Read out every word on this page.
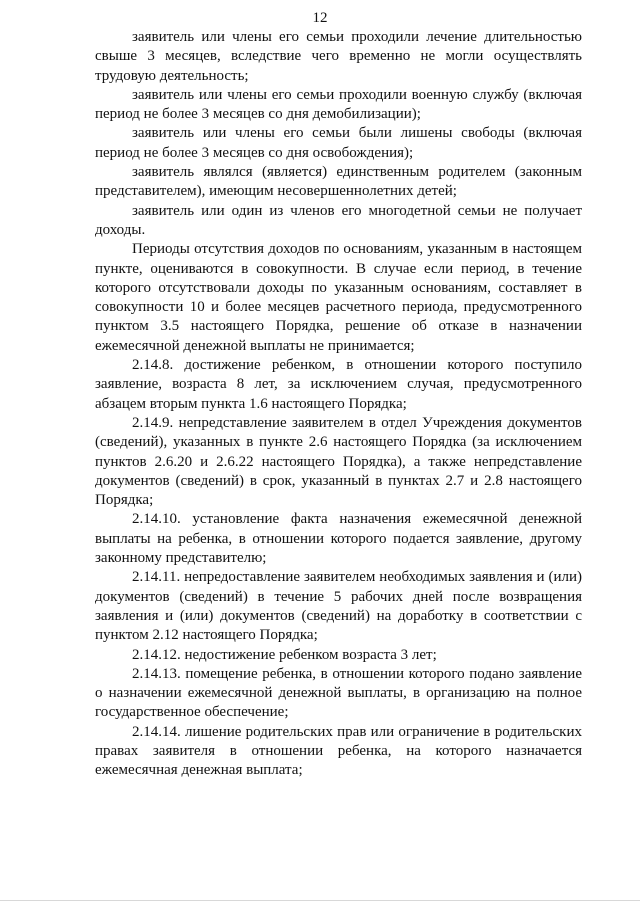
12

заявитель или члены его семьи проходили лечение длительностью свыше 3 месяцев, вследствие чего временно не могли осуществлять трудовую деятельность;

заявитель или члены его семьи проходили военную службу (включая период не более 3 месяцев со дня демобилизации);

заявитель или члены его семьи были лишены свободы (включая период не более 3 месяцев со дня освобождения);

заявитель являлся (является) единственным родителем (законным представителем), имеющим несовершеннолетних детей;

заявитель или один из членов его многодетной семьи не получает доходы.

Периоды отсутствия доходов по основаниям, указанным в настоящем пункте, оцениваются в совокупности. В случае если период, в течение которого отсутствовали доходы по указанным основаниям, составляет в совокупности 10 и более месяцев расчетного периода, предусмотренного пунктом 3.5 настоящего Порядка, решение об отказе в назначении ежемесячной денежной выплаты не принимается;

2.14.8. достижение ребенком, в отношении которого поступило заявление, возраста 8 лет, за исключением случая, предусмотренного абзацем вторым пункта 1.6 настоящего Порядка;

2.14.9. непредставление заявителем в отдел Учреждения документов (сведений), указанных в пункте 2.6 настоящего Порядка (за исключением пунктов 2.6.20 и 2.6.22 настоящего Порядка), а также непредставление документов (сведений) в срок, указанный в пунктах 2.7 и 2.8 настоящего Порядка;

2.14.10. установление факта назначения ежемесячной денежной выплаты на ребенка, в отношении которого подается заявление, другому законному представителю;

2.14.11. непредоставление заявителем необходимых заявления и (или) документов (сведений) в течение 5 рабочих дней после возвращения заявления и (или) документов (сведений) на доработку в соответствии с пунктом 2.12 настоящего Порядка;

2.14.12. недостижение ребенком возраста 3 лет;

2.14.13. помещение ребенка, в отношении которого подано заявление о назначении ежемесячной денежной выплаты, в организацию на полное государственное обеспечение;

2.14.14. лишение родительских прав или ограничение в родительских правах заявителя в отношении ребенка, на которого назначается ежемесячная денежная выплата;
